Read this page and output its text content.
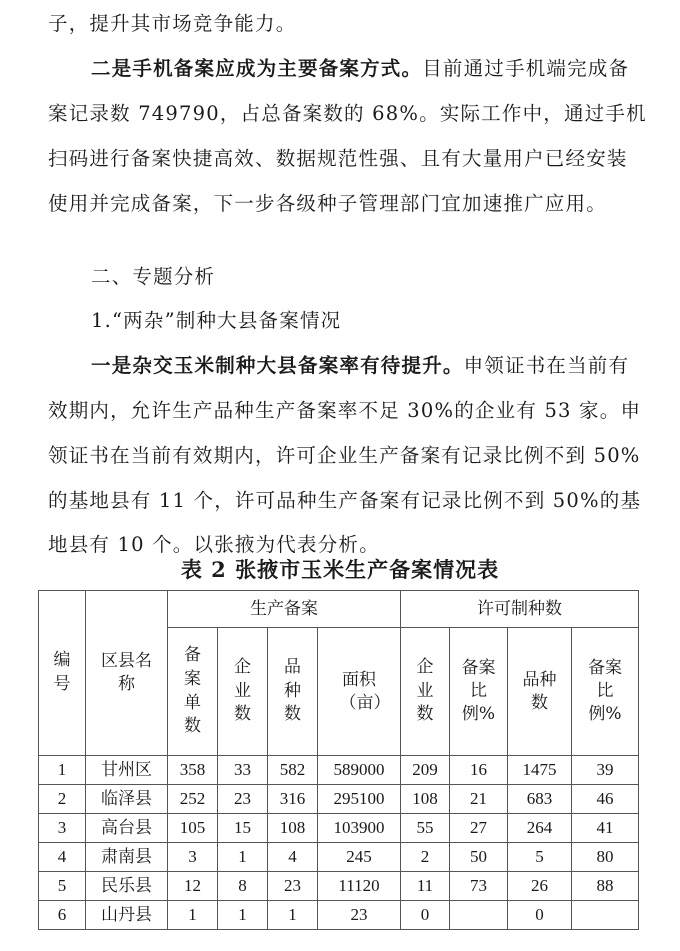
子，提升其市场竞争能力。
二是手机备案应成为主要备案方式。目前通过手机端完成备
案记录数 749790，占总备案数的 68%。实际工作中，通过手机
扫码进行备案快捷高效、数据规范性强、且有大量用户已经安装
使用并完成备案，下一步各级种子管理部门宜加速推广应用。
二、专题分析
1.“两杂”制种大县备案情况
一是杂交玉米制种大县备案率有待提升。申领证书在当前有
效期内，允许生产品种生产备案率不足 30%的企业有 53 家。申
领证书在当前有效期内，许可企业生产备案有记录比例不到 50%
的基地县有 11 个，许可品种生产备案有记录比例不到 50%的基
地县有 10 个。以张掖为代表分析。
表 2 张掖市玉米生产备案情况表
编号	区县名称	生产备案				许可制种数			
		备案单数	企业数	品种数	面积（亩）	企业数	备案比例%	品种数	备案比例%
1	甘州区	358	33	582	589000	209	16	1475	39
2	临泽县	252	23	316	295100	108	21	683	46
3	高台县	105	15	108	103900	55	27	264	41
4	肃南县	3	1	4	245	2	50	5	80
5	民乐县	12	8	23	11120	11	73	26	88
6	山丹县	1	1	1	23	0		0	
